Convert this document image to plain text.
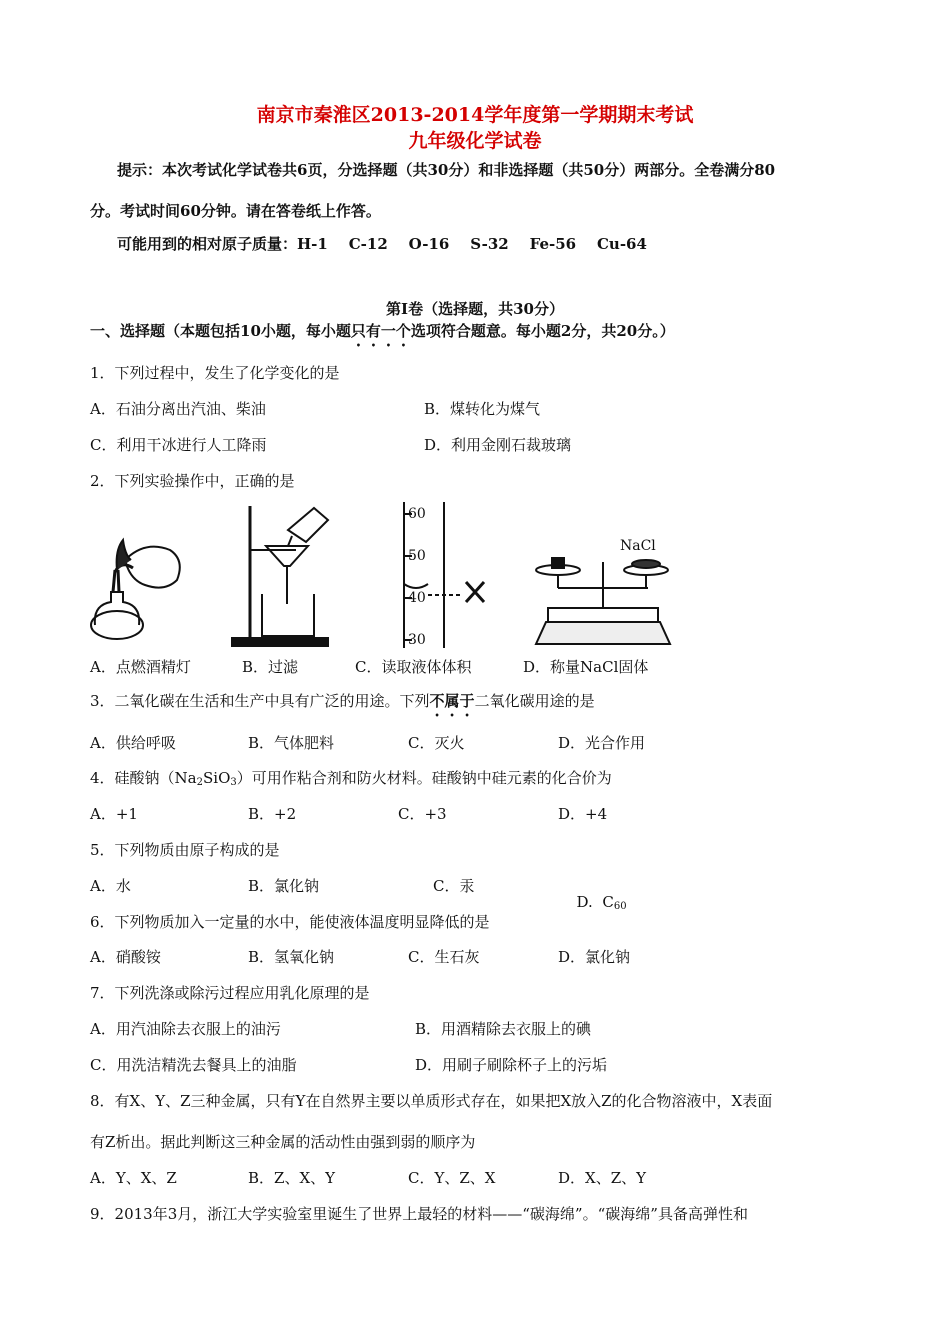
南京市秦淮区2013-2014学年度第一学期期末考试
九年级化学试卷
提示：本次考试化学试卷共6页，分选择题（共30分）和非选择题（共50分）两部分。全卷满分80
分。考试时间60分钟。请在答卷纸上作答。
可能用到的相对原子质量：H-1    C-12    O-16    S-32    Fe-56    Cu-64
第Ⅰ卷（选择题，共30分）
一、选择题（本题包括10小题，每小题只有一个选项符合题意。每小题2分，共20分。）
1．下列过程中，发生了化学变化的是
A．石油分离出汽油、柴油	B．煤转化为煤气
C．利用干冰进行人工降雨	D．利用金刚石裁玻璃
2．下列实验操作中，正确的是
60
50
40
30
NaCl
A．点燃酒精灯	B．过滤	C．读取液体体积	D．称量NaCl固体
3．二氧化碳在生活和生产中具有广泛的用途。下列不属于二氧化碳用途的是
A．供给呼吸	B．气体肥料	C．灭火	D．光合作用
4．硅酸钠$(Na_2SiO_3)$可用作粘合剂和防火材料。硅酸钠中硅元素的化合价为
A．+1	B．+2	C．+3	D．+4
5．下列物质由原子构成的是
A．水	B．氯化钠	C．汞

D.  $C_{60}$

6．下列物质加入一定量的水中，能使液体温度明显降低的是
A．硝酸铵	B．氢氧化钠	C．生石灰	D．氯化钠
7．下列洗涤或除污过程应用乳化原理的是
A．用汽油除去衣服上的油污	B．用酒精除去衣服上的碘
C．用洗洁精洗去餐具上的油脂	D．用刷子刷除杯子上的污垢
8．有X、Y、Z三种金属，只有Y在自然界主要以单质形式存在，如果把X放入Z的化合物溶液中，X表面
有Z析出。据此判断这三种金属的活动性由强到弱的顺序为
A．Y、X、Z	B．Z、X、Y	C．Y、Z、X	D．X、Z、Y
9．2013年3月，浙江大学实验室里诞生了世界上最轻的材料——“碳海绵”。“碳海绵”具备高弹性和
